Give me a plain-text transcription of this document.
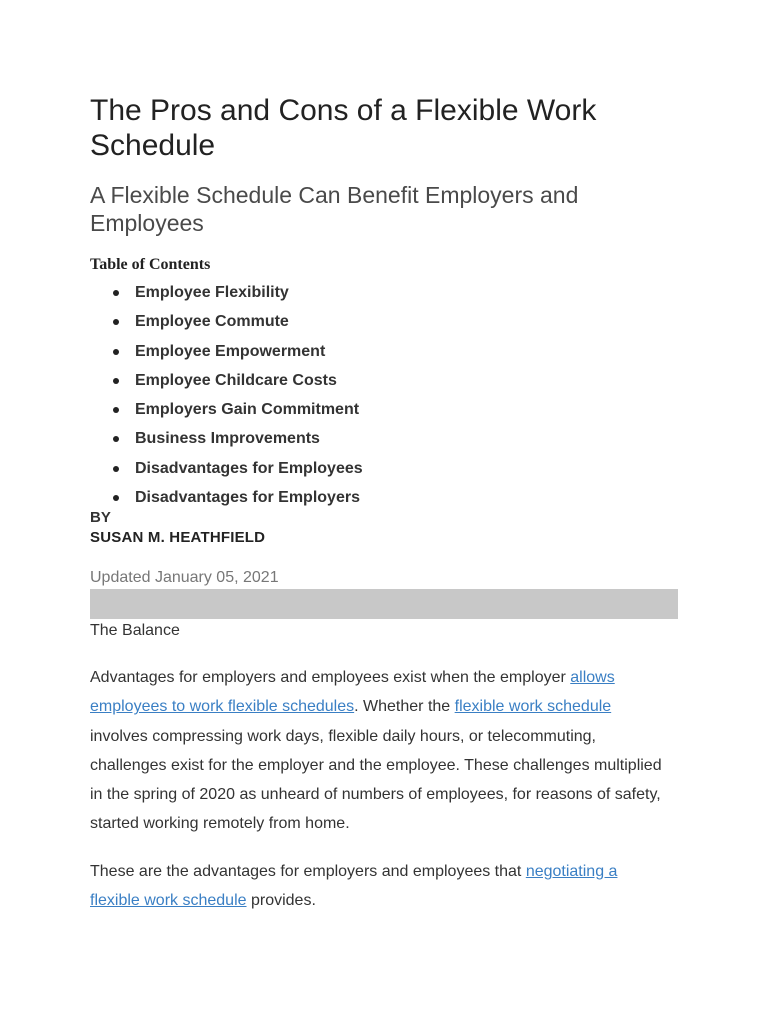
The Pros and Cons of a Flexible Work Schedule
A Flexible Schedule Can Benefit Employers and Employees
Table of Contents
Employee Flexibility
Employee Commute
Employee Empowerment
Employee Childcare Costs
Employers Gain Commitment
Business Improvements
Disadvantages for Employees
Disadvantages for Employers
BY
SUSAN M. HEATHFIELD
Updated January 05, 2021
The Balance

Advantages for employers and employees exist when the employer allows employees to work flexible schedules. Whether the flexible work schedule involves compressing work days, flexible daily hours, or telecommuting, challenges exist for the employer and the employee. These challenges multiplied in the spring of 2020 as unheard of numbers of employees, for reasons of safety, started working remotely from home.

These are the advantages for employers and employees that negotiating a flexible work schedule provides.
